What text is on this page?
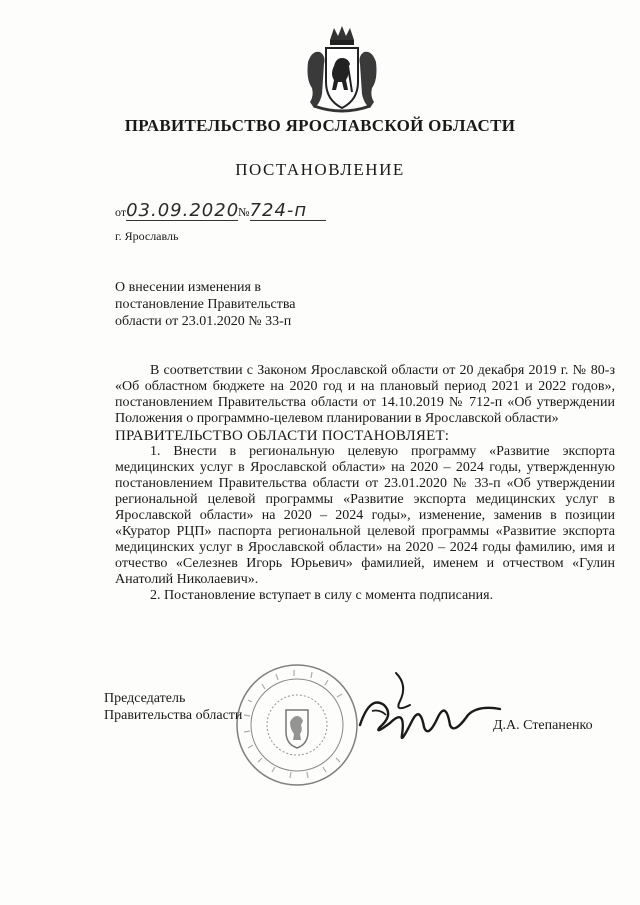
ПРАВИТЕЛЬСТВО ЯРОСЛАВСКОЙ ОБЛАСТИ
ПОСТАНОВЛЕНИЕ
от03.09.2020№724-п
г. Ярославль
О внесении изменения в
постановление Правительства
области от 23.01.2020 № 33-п

В соответствии с Законом Ярославской области от 20 декабря 2019 г. № 80-з «Об областном бюджете на 2020 год и на плановый период 2021 и 2022 годов», постановлением Правительства области от 14.10.2019 № 712-п «Об утверждении Положения о программно-целевом планировании в Ярославской области»

ПРАВИТЕЛЬСТВО ОБЛАСТИ ПОСТАНОВЛЯЕТ:

1. Внести в региональную целевую программу «Развитие экспорта медицинских услуг в Ярославской области» на 2020 – 2024 годы, утвержденную постановлением Правительства области от 23.01.2020 № 33-п «Об утверждении региональной целевой программы «Развитие экспорта медицинских услуг в Ярославской области» на 2020 – 2024 годы», изменение, заменив в позиции «Куратор РЦП» паспорта региональной целевой программы «Развитие экспорта медицинских услуг в Ярославской области» на 2020 – 2024 годы фамилию, имя и отчество «Селезнев Игорь Юрьевич» фамилией, именем и отчеством «Гулин Анатолий Николаевич».

2. Постановление вступает в силу с момента подписания.

Председатель
Правительства области
Д.А. Степаненко
